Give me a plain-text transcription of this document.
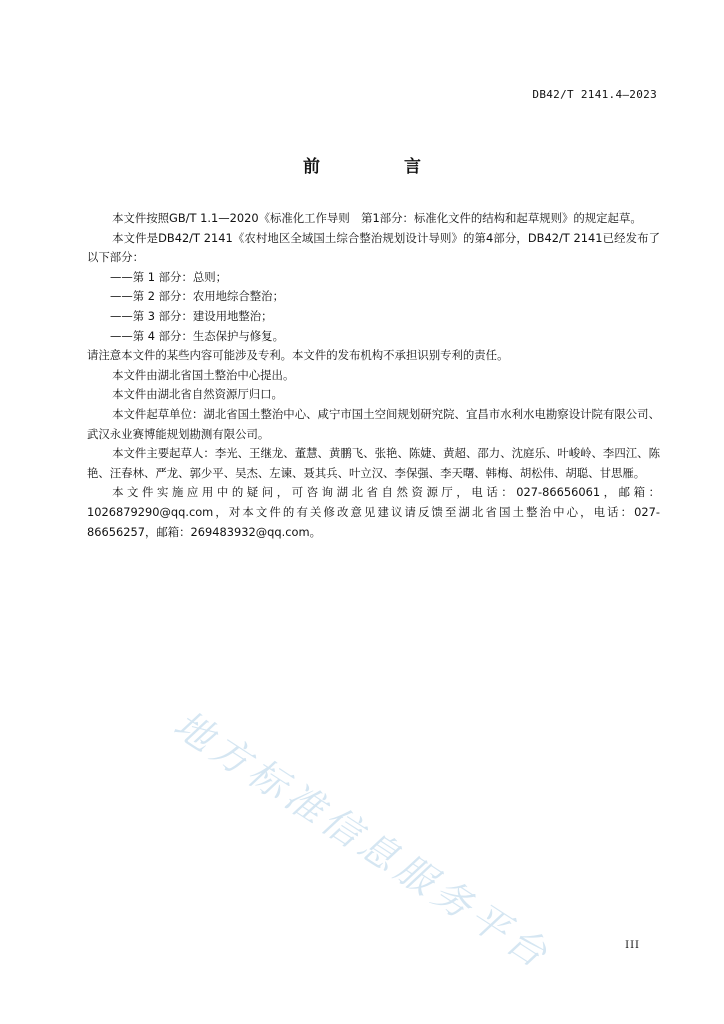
DB42/T 2141.4—2023
前言

本文件按照GB/T 1.1—2020《标准化工作导则　第1部分：标准化文件的结构和起草规则》的规定起草。

本文件是DB42/T 2141《农村地区全域国土综合整治规划设计导则》的第4部分，DB42/T 2141已经发布了以下部分：

——第 1 部分：总则；

——第 2 部分：农用地综合整治；

——第 3 部分：建设用地整治；

——第 4 部分：生态保护与修复。

请注意本文件的某些内容可能涉及专利。本文件的发布机构不承担识别专利的责任。

本文件由湖北省国土整治中心提出。

本文件由湖北省自然资源厅归口。

本文件起草单位：湖北省国土整治中心、咸宁市国土空间规划研究院、宜昌市水利水电勘察设计院有限公司、武汉永业赛博能规划勘测有限公司。

本文件主要起草人：李光、王继龙、董慧、黄鹏飞、张艳、陈婕、黄超、邵力、沈庭乐、叶峻岭、李四江、陈艳、汪春林、严龙、郭少平、吴杰、左谏、聂其兵、叶立汉、李保强、李天曙、韩梅、胡松伟、胡聪、甘思雁。

本文件实施应用中的疑问，可咨询湖北省自然资源厅，电话：027-86656061，邮箱：1026879290@qq.com，对本文件的有关修改意见建议请反馈至湖北省国土整治中心，电话：027-86656257，邮箱：269483932@qq.com。

地方标准信息服务平台	III
